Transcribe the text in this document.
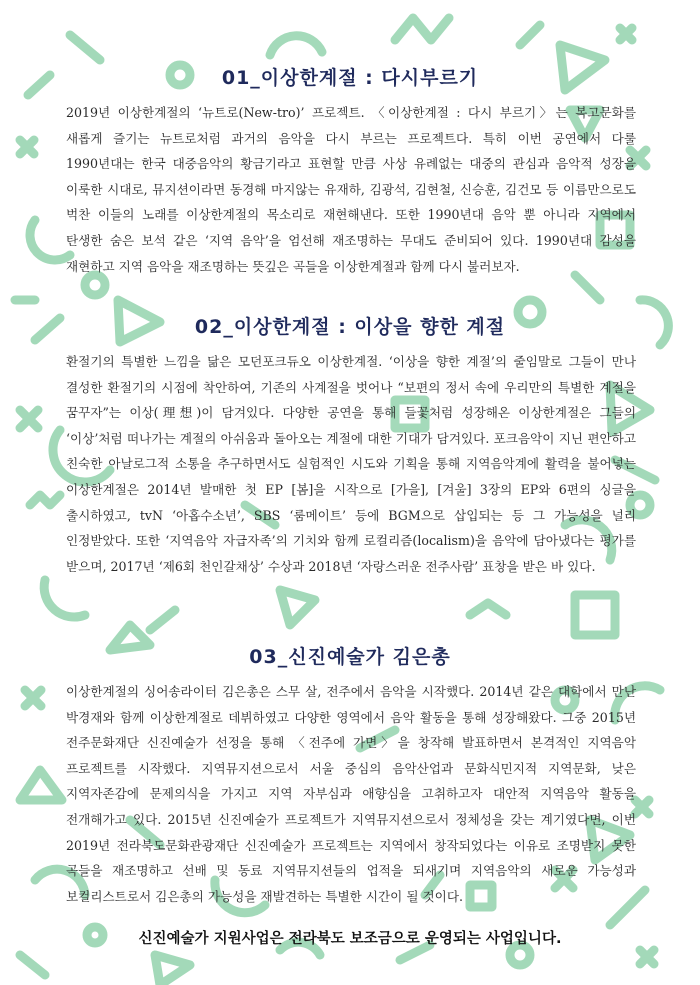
01_이상한계절 : 다시부르기

2019년 이상한계절의 ‘뉴트로(New-tro)’ 프로젝트. 〈이상한계절 : 다시 부르기〉는 복고문화를 새롭게 즐기는 뉴트로처럼 과거의 음악을 다시 부르는 프로젝트다. 특히 이번 공연에서 다룰 1990년대는 한국 대중음악의 황금기라고 표현할 만큼 사상 유례없는 대중의 관심과 음악적 성장을 이룩한 시대로, 뮤지션이라면 동경해 마지않는 유재하, 김광석, 김현철, 신승훈, 김건모 등 이름만으로도 벅찬 이들의 노래를 이상한계절의 목소리로 재현해낸다. 또한 1990년대 음악 뿐 아니라 지역에서 탄생한 숨은 보석 같은 ‘지역 음악’을 엄선해 재조명하는 무대도 준비되어 있다. 1990년대 감성을 재현하고 지역 음악을 재조명하는 뜻깊은 곡들을 이상한계절과 함께 다시 불러보자.

02_이상한계절 : 이상을 향한 계절

환절기의 특별한 느낌을 닮은 모던포크듀오 이상한계절. ‘이상을 향한 계절’의 줄임말로 그들이 만나 결성한 환절기의 시점에 착안하여, 기존의 사계절을 벗어나 “보편의 정서 속에 우리만의 특별한 계절을 꿈꾸자”는 이상(理想)이 담겨있다. 다양한 공연을 통해 들꽃처럼 성장해온 이상한계절은 그들의 ‘이상’처럼 떠나가는 계절의 아쉬움과 돌아오는 계절에 대한 기대가 담겨있다. 포크음악이 지닌 편안하고 친숙한 아날로그적 소통을 추구하면서도 실험적인 시도와 기획을 통해 지역음악계에 활력을 불어넣는 이상한계절은 2014년 발매한 첫 EP [봄]을 시작으로 [가을], [겨울] 3장의 EP와 6편의 싱글을 출시하였고, tvN ‘아홉수소년’, SBS ‘룸메이트’ 등에 BGM으로 삽입되는 등 그 가능성을 널리 인정받았다. 또한 ‘지역음악 자급자족’의 기치와 함께 로컬리즘(localism)을 음악에 담아냈다는 평가를 받으며, 2017년 ‘제6회 천인갈채상’ 수상과 2018년 ‘자랑스러운 전주사람’ 표창을 받은 바 있다.

03_신진예술가 김은총

이상한계절의 싱어송라이터 김은총은 스무 살, 전주에서 음악을 시작했다. 2014년 같은 대학에서 만난 박경재와 함께 이상한계절로 데뷔하였고 다양한 영역에서 음악 활동을 통해 성장해왔다. 그중 2015년 전주문화재단 신진예술가 선정을 통해 〈전주에 가면〉을 창작해 발표하면서 본격적인 지역음악 프로젝트를 시작했다. 지역뮤지션으로서 서울 중심의 음악산업과 문화식민지적 지역문화, 낮은 지역자존감에 문제의식을 가지고 지역 자부심과 애향심을 고취하고자 대안적 지역음악 활동을 전개해가고 있다. 2015년 신진예술가 프로젝트가 지역뮤지션으로서 정체성을 갖는 계기였다면, 이번 2019년 전라북도문화관광재단 신진예술가 프로젝트는 지역에서 창작되었다는 이유로 조명받지 못한 곡들을 재조명하고 선배 및 동료 지역뮤지션들의 업적을 되새기며 지역음악의 새로운 가능성과 보컬리스트로서 김은총의 가능성을 재발견하는 특별한 시간이 될 것이다.

신진예술가 지원사업은 전라북도 보조금으로 운영되는 사업입니다.
